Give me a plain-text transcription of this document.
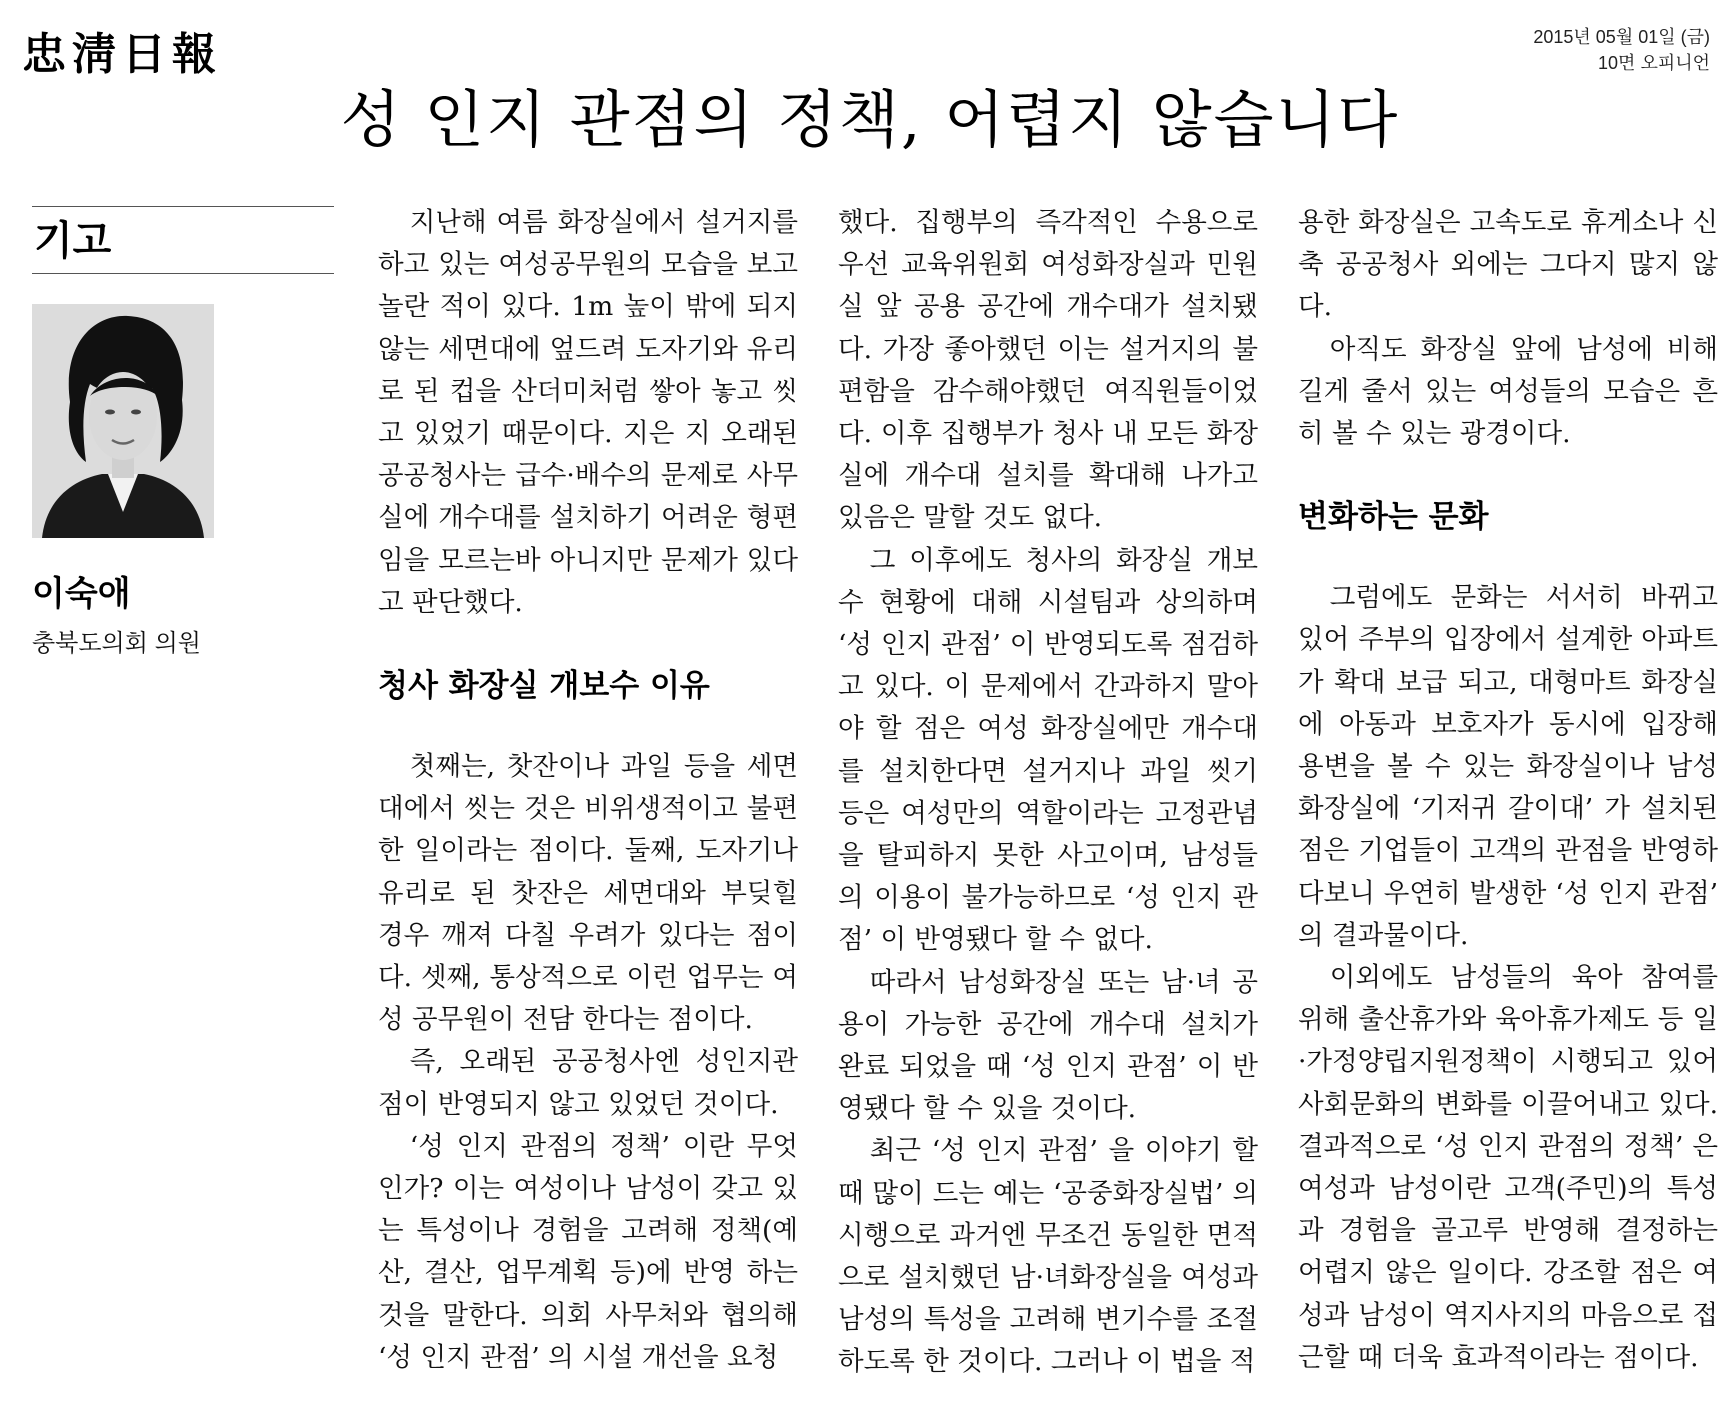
忠淸日報	2015년 05월 01일 (금)
10면 오피니언
성 인지 관점의 정책, 어렵지 않습니다
기고
이숙애
충북도의회 의원

지난해 여름 화장실에서 설거지를 하고 있는 여성공무원의 모습을 보고 놀란 적이 있다. 1m 높이 밖에 되지 않는 세면대에 엎드려 도자기와 유리로 된 컵을 산더미처럼 쌓아 놓고 씻고 있었기 때문이다. 지은 지 오래된 공공청사는 급수·배수의 문제로 사무실에 개수대를 설치하기 어려운 형편임을 모르는바 아니지만 문제가 있다고 판단했다.

청사 화장실 개보수 이유

첫째는, 찻잔이나 과일 등을 세면대에서 씻는 것은 비위생적이고 불편한 일이라는 점이다. 둘째, 도자기나 유리로 된 찻잔은 세면대와 부딪힐 경우 깨져 다칠 우려가 있다는 점이다. 셋째, 통상적으로 이런 업무는 여성 공무원이 전담 한다는 점이다.

즉, 오래된 공공청사엔 성인지관점이 반영되지 않고 있었던 것이다.

‘성 인지 관점의 정책’ 이란 무엇인가? 이는 여성이나 남성이 갖고 있는 특성이나 경험을 고려해 정책(예산, 결산, 업무계획 등)에 반영 하는 것을 말한다. 의회 사무처와 협의해 ‘성 인지 관점’ 의 시설 개선을 요청

했다. 집행부의 즉각적인 수용으로 우선 교육위원회 여성화장실과 민원실 앞 공용 공간에 개수대가 설치됐다. 가장 좋아했던 이는 설거지의 불편함을 감수해야했던 여직원들이었다. 이후 집행부가 청사 내 모든 화장실에 개수대 설치를 확대해 나가고 있음은 말할 것도 없다.

그 이후에도 청사의 화장실 개보수 현황에 대해 시설팀과 상의하며 ‘성 인지 관점’ 이 반영되도록 점검하고 있다. 이 문제에서 간과하지 말아야 할 점은 여성 화장실에만 개수대를 설치한다면 설거지나 과일 씻기 등은 여성만의 역할이라는 고정관념을 탈피하지 못한 사고이며, 남성들의 이용이 불가능하므로 ‘성 인지 관점’ 이 반영됐다 할 수 없다.

따라서 남성화장실 또는 남·녀 공용이 가능한 공간에 개수대 설치가 완료 되었을 때 ‘성 인지 관점’ 이 반영됐다 할 수 있을 것이다.

최근 ‘성 인지 관점’ 을 이야기 할 때 많이 드는 예는 ‘공중화장실법’ 의 시행으로 과거엔 무조건 동일한 면적으로 설치했던 남·녀화장실을 여성과 남성의 특성을 고려해 변기수를 조절하도록 한 것이다. 그러나 이 법을 적

용한 화장실은 고속도로 휴게소나 신축 공공청사 외에는 그다지 많지 않다.

아직도 화장실 앞에 남성에 비해 길게 줄서 있는 여성들의 모습은 흔히 볼 수 있는 광경이다.

변화하는 문화

그럼에도 문화는 서서히 바뀌고 있어 주부의 입장에서 설계한 아파트가 확대 보급 되고, 대형마트 화장실에 아동과 보호자가 동시에 입장해 용변을 볼 수 있는 화장실이나 남성 화장실에 ‘기저귀 갈이대’ 가 설치된 점은 기업들이 고객의 관점을 반영하다보니 우연히 발생한 ‘성 인지 관점’ 의 결과물이다.

이외에도 남성들의 육아 참여를 위해 출산휴가와 육아휴가제도 등 일·가정양립지원정책이 시행되고 있어 사회문화의 변화를 이끌어내고 있다. 결과적으로 ‘성 인지 관점의 정책’ 은 여성과 남성이란 고객(주민)의 특성과 경험을 골고루 반영해 결정하는 어렵지 않은 일이다. 강조할 점은 여성과 남성이 역지사지의 마음으로 접근할 때 더욱 효과적이라는 점이다.
